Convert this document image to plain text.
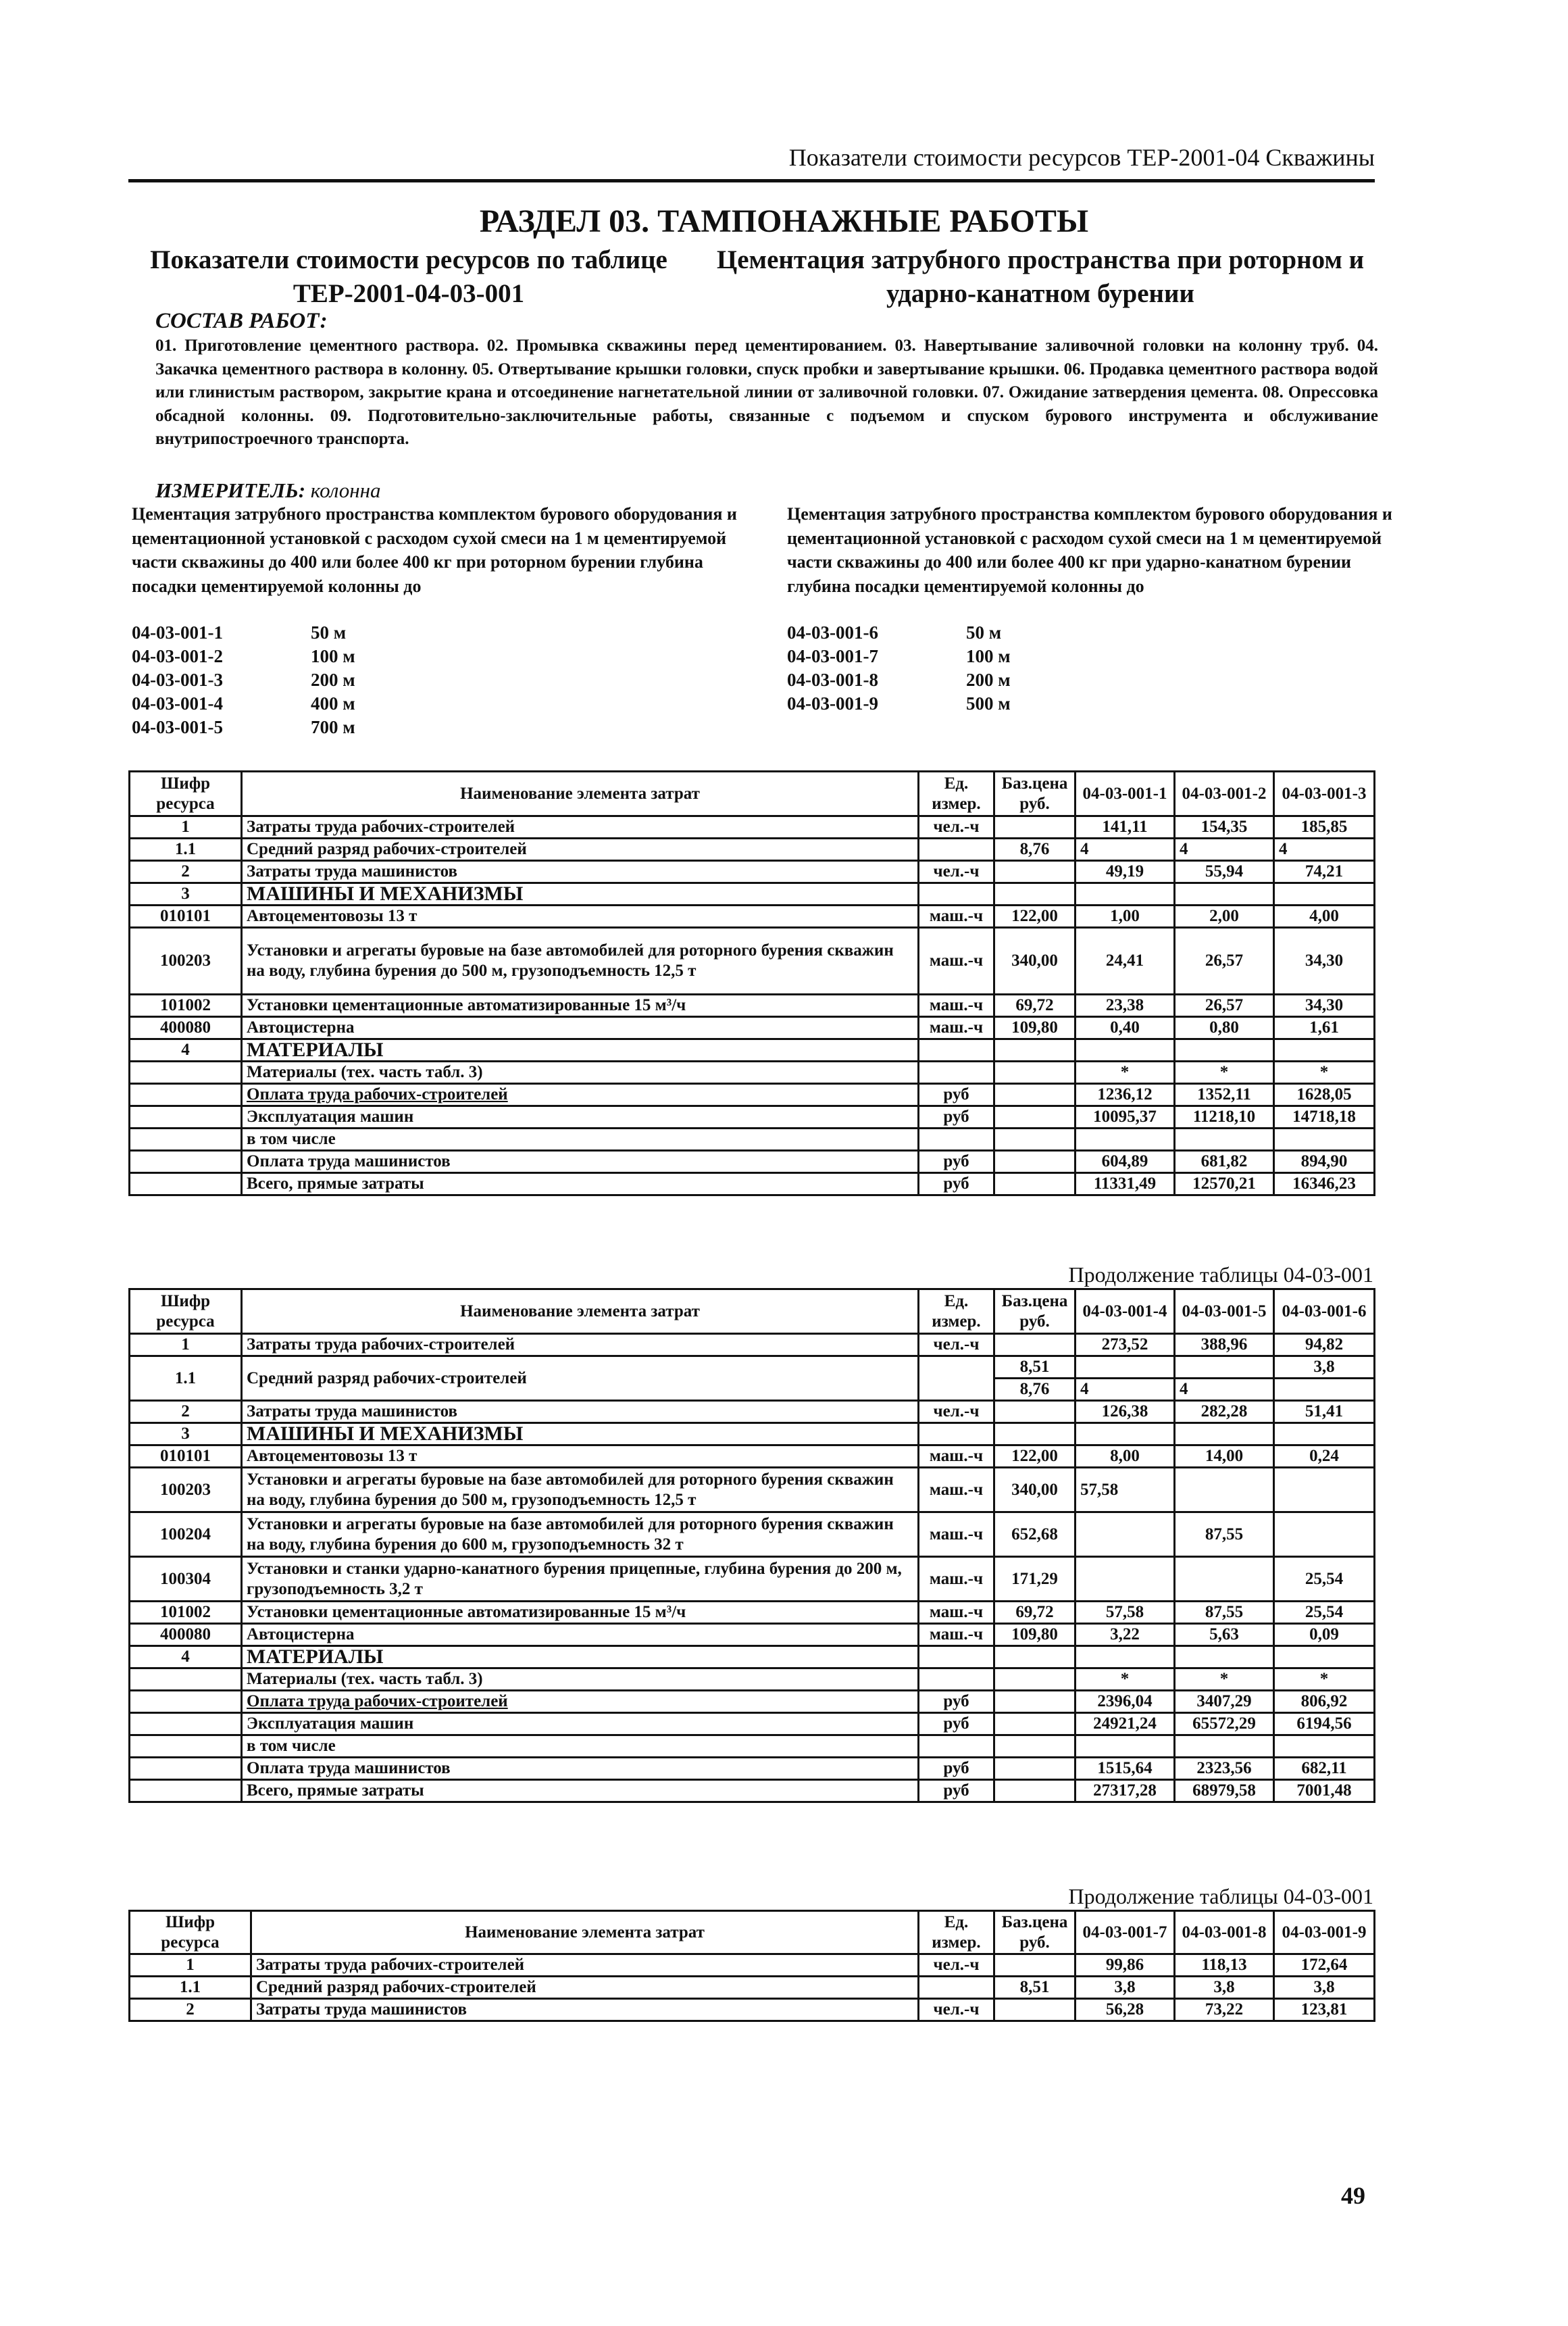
Показатели стоимости ресурсов ТЕР-2001-04 Скважины
РАЗДЕЛ 03. ТАМПОНАЖНЫЕ РАБОТЫ
Показатели стоимости ресурсов по таблице ТЕР-2001-04-03-001
Цементация затрубного пространства при роторном и ударно-канатном бурении
СОСТАВ РАБОТ:
01. Приготовление цементного раствора. 02. Промывка скважины перед цементированием. 03. Навертывание заливочной головки на колонну труб. 04. Закачка цементного раствора в колонну. 05. Отвертывание крышки головки, спуск пробки и завертывание крышки. 06. Продавка цементного раствора водой или глинистым раствором, закрытие крана и отсоединение нагнетательной линии от заливочной головки. 07. Ожидание затвердения цемента. 08. Опрессовка обсадной колонны. 09. Подготовительно-заключительные работы, связанные с подъемом и спуском бурового инструмента и обслуживание внутрипостроечного транспорта.
ИЗМЕРИТЕЛЬ: колонна
Цементация затрубного пространства комплектом бурового оборудования и цементационной установкой с расходом сухой смеси на 1 м цементируемой части скважины до 400 или более 400 кг при роторном бурении глубина посадки цементируемой колонны до
Цементация затрубного пространства комплектом бурового оборудования и цементационной установкой с расходом сухой смеси на 1 м цементируемой части скважины до 400 или более 400 кг при ударно-канатном бурении глубина посадки цементируемой колонны до
04-03-001-1	50 м
04-03-001-2	100 м
04-03-001-3	200 м
04-03-001-4	400 м
04-03-001-5	700 м
04-03-001-6	50 м
04-03-001-7	100 м
04-03-001-8	200 м
04-03-001-9	500 м
Шифр ресурса	Наименование элемента затрат	Ед. измер.	Баз.цена руб.	04-03-001-1	04-03-001-2	04-03-001-3
1	Затраты труда рабочих-строителей	чел.-ч		141,11	154,35	185,85
1.1	Средний разряд рабочих-строителей		8,76	4	4	4
2	Затраты труда машинистов	чел.-ч		49,19	55,94	74,21
3	МАШИНЫ И МЕХАНИЗМЫ					
010101	Автоцементовозы 13 т	маш.-ч	122,00	1,00	2,00	4,00
100203	Установки и агрегаты буровые на базе автомобилей для роторного бурения скважин на воду, глубина бурения до 500 м, грузоподъемность 12,5 т	маш.-ч	340,00	24,41	26,57	34,30
101002	Установки цементационные автоматизированные 15 м³/ч	маш.-ч	69,72	23,38	26,57	34,30
400080	Автоцистерна	маш.-ч	109,80	0,40	0,80	1,61
4	МАТЕРИАЛЫ					
	Материалы (тех. часть табл. 3)			*	*	*
	Оплата труда рабочих-строителей	руб		1236,12	1352,11	1628,05
	Эксплуатация машин	руб		10095,37	11218,10	14718,18
	в том числе					
	Оплата труда машинистов	руб		604,89	681,82	894,90
	Всего, прямые затраты	руб		11331,49	12570,21	16346,23
Продолжение таблицы 04-03-001
Шифр ресурса	Наименование элемента затрат	Ед. измер.	Баз.цена руб.	04-03-001-4	04-03-001-5	04-03-001-6
1	Затраты труда рабочих-строителей	чел.-ч		273,52	388,96	94,82
1.1	Средний разряд рабочих-строителей		8,51			3,8
			8,76	4	4	
2	Затраты труда машинистов	чел.-ч		126,38	282,28	51,41
3	МАШИНЫ И МЕХАНИЗМЫ					
010101	Автоцементовозы 13 т	маш.-ч	122,00	8,00	14,00	0,24
100203	Установки и агрегаты буровые на базе автомобилей для роторного бурения скважин на воду, глубина бурения до 500 м, грузоподъемность 12,5 т	маш.-ч	340,00	57,58		
100204	Установки и агрегаты буровые на базе автомобилей для роторного бурения скважин на воду, глубина бурения до 600 м, грузоподъемность 32 т	маш.-ч	652,68		87,55	
100304	Установки и станки ударно-канатного бурения прицепные, глубина бурения до 200 м, грузоподъемность 3,2 т	маш.-ч	171,29			25,54
101002	Установки цементационные автоматизированные 15 м³/ч	маш.-ч	69,72	57,58	87,55	25,54
400080	Автоцистерна	маш.-ч	109,80	3,22	5,63	0,09
4	МАТЕРИАЛЫ					
	Материалы (тех. часть табл. 3)			*	*	*
	Оплата труда рабочих-строителей	руб		2396,04	3407,29	806,92
	Эксплуатация машин	руб		24921,24	65572,29	6194,56
	в том числе					
	Оплата труда машинистов	руб		1515,64	2323,56	682,11
	Всего, прямые затраты	руб		27317,28	68979,58	7001,48
Продолжение таблицы 04-03-001
Шифр ресурса	Наименование элемента затрат	Ед. измер.	Баз.цена руб.	04-03-001-7	04-03-001-8	04-03-001-9
1	Затраты труда рабочих-строителей	чел.-ч		99,86	118,13	172,64
1.1	Средний разряд рабочих-строителей		8,51	3,8	3,8	3,8
2	Затраты труда машинистов	чел.-ч		56,28	73,22	123,81
49
